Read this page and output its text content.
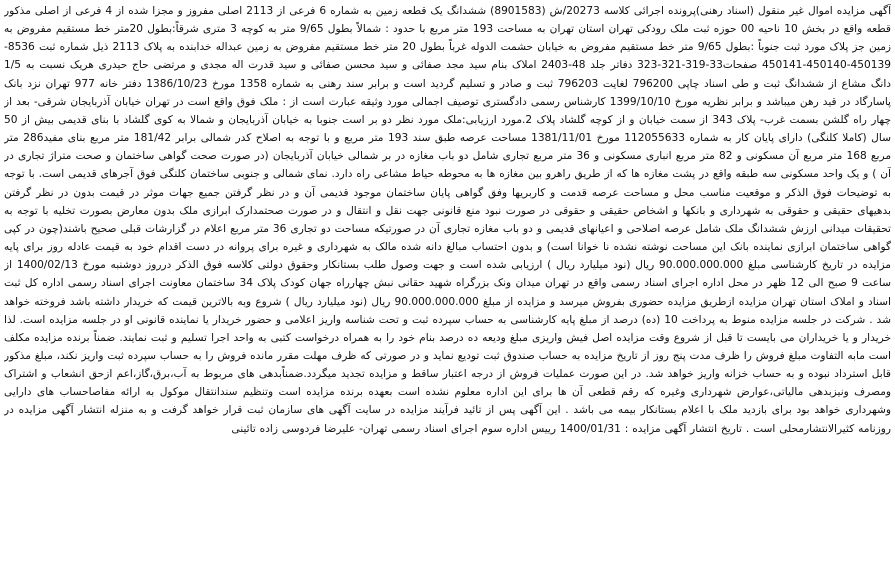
آگهی مزایده اموال غیر منقول (اسناد رهنی)پرونده اجرائی کلاسه 20273/ش (8901583) ششدانگ یک قطعه زمین به شماره 6 فرعی از 2113 اصلی مفروز و مجزا شده از 4 فرعی از اصلی مذکور قطعه واقع در بخش 10 ناحیه 00 حوزه ثبت ملک رودکی تهران استان تهران به مساحت 193 متر مربع با حدود : شمالاً بطول 9/65 متر به کوچه 3 متری شرقاً:بطول 20متر خط مستقیم مفروض به زمین جز پلاک مورد ثبت جنوباً :بطول 9/65 متر خط مستقیم مفروض به خیابان حشمت الدوله غرباً بطول 20 متر خط مستقیم مفروض به زمین عبداله خدابنده به پلاک 2113 ذیل شماره ثبت 8536- 450139-450140-450141 صفحات33-319-321-323 دفاتر جلد 48-2403 املاک بنام سید مجد صفائی و سید محسن صفائی و سید قدرت اله مجدی و مرتضی حاج حیدری هریک نسبت به 1/5 دانگ مشاع از ششدانگ ثبت و طی اسناد چاپی 796200 لغایت 796203 ثبت و صادر و تسلیم گردید است و برابر سند رهنی به شماره 1358 مورخ 1386/10/23 دفتر خانه 977 تهران نزد بانک پاسارگاد در قید رهن میباشد و برابر نظریه مورخ 1399/10/10 کارشناس رسمی دادگستری توصیف اجمالی مورد وثیقه عبارت است از : ملک فوق واقع است در تهران خیابان آذربایجان شرقی- بعد از چهار راه گلشن بسمت غرب- پلاک 343 از سمت خیابان و از کوچه گلشاد پلاک 2.مورد ارزیابی:ملک مورد نظر دو بر است جنوبا به خیابان آذربایجان و شمالا به کوی گلشاد با بنای قدیمی بیش از 50 سال (کاملا کلنگی) دارای پایان کار به شماره 112055633 مورخ 1381/11/01 مساحت عرصه طبق سند 193 متر مربع و با توجه به اصلاح کدر شمالی برابر 181/42 متر مربع بنای مفید286 متر مربع 168 متر مربع آن مسکونی و 82 متر مربع انباری مسکونی و 36 متر مربع تجاری شامل دو باب مغازه در بر شمالی خیابان آذربایجان (در صورت صحت گواهی ساختمان و صحت متراژ تجاری در آن ) و یک واحد مسکونی سه طبقه واقع در پشت مغازه ها که از طریق راهرو بین مغازه ها به محوطه حیاط مشاعی راه دارد. نمای شمالی و جنوبی ساختمان کلنگی فوق آجرهای قدیمی است. با توجه به توضیحات فوق الذکر و موقعیت مناسب محل و مساحت عرصه قدمت و کاربریها وفق گواهی پایان ساختمان موجود قدیمی آن و در نظر گرفتن جمیع جهات موثر در قیمت بدون در نظر گرفتن بدهیهای حقیقی و حقوقی به شهرداری و بانکها و اشخاص حقیقی و حقوقی در صورت نبود منع قانونی جهت نقل و انتقال و در صورت صحتمدارک ابرازی ملک بدون معارض بصورت تخلیه با توجه به تحقیقات میدانی ارزش ششدانگ ملک شامل عرصه اصلاحی و اعیانهای قدیمی و دو باب مغازه تجاری آن در صورتیکه مساحت دو تجاری 36 متر مربع اعلام در گزارشات قبلی صحیح باشند(چون در کپی گواهی ساختمان ابرازی نماینده بانک این مساحت نوشته نشده نا خوانا است) و بدون احتساب مبالغ دانه شده مالک به شهرداری و غیره برای پروانه در دست اقدام خود به قیمت عادله روز برای پایه مزایده در تاریخ کارشناسی مبلغ 90.000.000.000 ریال (نود میلیارد ریال ) ارزیابی شده است و جهت وصول طلب بستانکار وحقوق دولتی کلاسه فوق الذکر درروز دوشنبه مورخ 1400/02/13 از ساعت 9 صبح الی 12 ظهر در محل اداره اجرای اسناد رسمی واقع در تهران میدان ونک بزرگراه شهید حقانی نبش چهارراه جهان کودک پلاک 34 ساختمان معاونت اجرای اسناد رسمی اداره کل ثبت اسناد و املاک استان تهران مزایده ازطریق مزایده حضوری بفروش میرسد و مزایده از مبلغ 90.000.000.000 ریال (نود میلیارد ریال ) شروع وبه بالاترین قیمت که خریدار داشته باشد فروخته خواهد شد . شرکت در جلسه مزایده منوط به پرداخت 10 (ده) درصد از مبلغ پایه کارشناسی به حساب سپرده ثبت و تحت شناسه واریز اعلامی و حضور خریدار یا نماینده قانونی او در جلسه مزایده است. لذا خریدار و یا خریداران می بایست تا قبل از شروع وقت مزایده اصل فیش واریزی مبلغ ودیعه ده درصد بنام خود را به همراه درخواست کتبی به واحد اجرا تسلیم و ثبت نمایند. ضمناً برنده مزایده مکلف است مابه التفاوت مبلغ فروش را ظرف مدت پنج روز از تاریخ مزایده به حساب صندوق ثبت تودیع نماید و در صورتی که ظرف مهلت مقرر مانده فروش را به حساب سپرده ثبت واریز نکند، مبلغ مذکور قابل استرداد نبوده و به حساب خزانه واریز خواهد شد. در این صورت عملیات فروش از درجه اعتبار ساقط و مزایده تجدید میگردد.ضمناًبدهی های مربوط به آب،برق،گاز،اعم ازحق انشعاب و اشتراک ومصرف ونیزبدهی مالیاتی،عوارض شهرداری وغیره که رقم قطعی آن ها برای این اداره معلوم نشده است بعهده برنده مزایده است وتنظیم سندانتقال موکول به ارائه مفاصاحساب های دارایی وشهرداری خواهد بود برای بازدید ملک با اعلام بستانکار بیمه می باشد . این آگهی پس از تائید فرآیند مزایده در سایت آگهی های سازمان ثبت قرار خواهد گرفت و به منزله انتشار آگهی مزایده در روزنامه کثیرالانتشارمحلی است . تاریخ انتشار آگهی مزایده : 1400/01/31 رییس اداره سوم اجرای اسناد رسمی تهران- علیرضا فردوسی زاده تائینی
